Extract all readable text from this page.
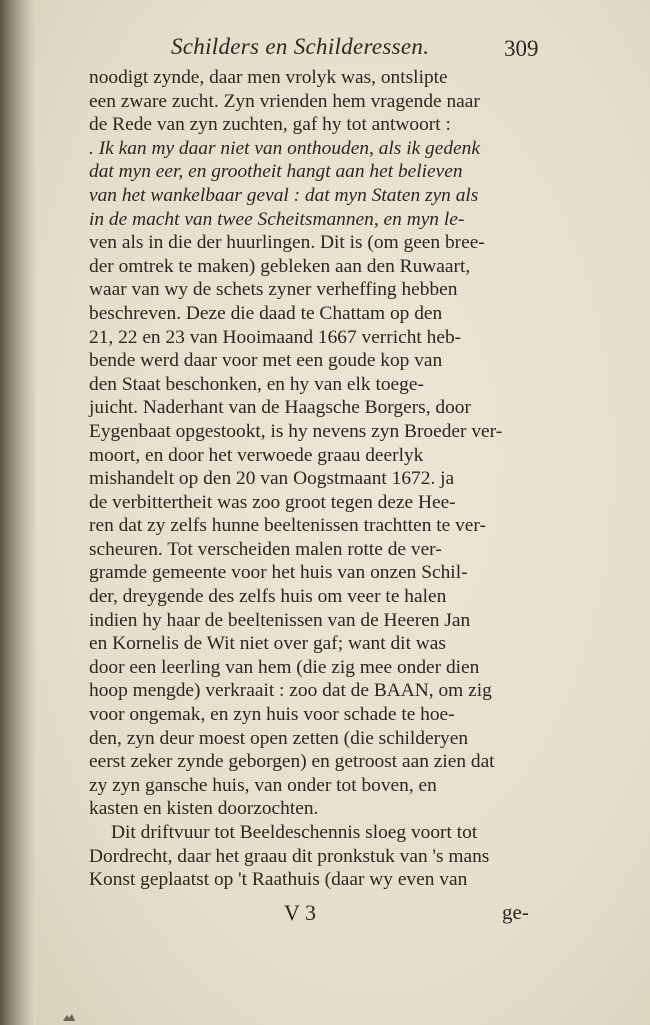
Schilders en Schilderessen.	309
noodigt zynde, daar men vrolyk was, ontslipte
een zware zucht. Zyn vrienden hem vragende naar
de Rede van zyn zuchten, gaf hy tot antwoort :
. Ik kan my daar niet van onthouden, als ik gedenk
dat myn eer, en grootheit hangt aan het believen
van het wankelbaar geval : dat myn Staten zyn als
in de macht van twee Scheitsmannen, en myn le-
ven als in die der huurlingen. Dit is (om geen bree-
der omtrek te maken) gebleken aan den Ruwaart,
waar van wy de schets zyner verheffing hebben
beschreven. Deze die daad te Chattam op den
21, 22 en 23 van Hooimaand 1667 verricht heb-
bende werd daar voor met een goude kop van
den Staat beschonken, en hy van elk toege-
juicht. Naderhant van de Haagsche Borgers, door
Eygenbaat opgestookt, is hy nevens zyn Broeder ver-
moort, en door het verwoede graau deerlyk
mishandelt op den 20 van Oogstmaant 1672. ja
de verbittertheit was zoo groot tegen deze Hee-
ren dat zy zelfs hunne beeltenissen trachtten te ver-
scheuren. Tot verscheiden malen rotte de ver-
gramde gemeente voor het huis van onzen Schil-
der, dreygende des zelfs huis om veer te halen
indien hy haar de beeltenissen van de Heeren Jan
en Kornelis de Wit niet over gaf; want dit was
door een leerling van hem (die zig mee onder dien
hoop mengde) verkraait : zoo dat de BAAN, om zig
voor ongemak, en zyn huis voor schade te hoe-
den, zyn deur moest open zetten (die schilderyen
eerst zeker zynde geborgen) en getroost aan zien dat
zy zyn gansche huis, van onder tot boven, en
kasten en kisten doorzochten.
Dit driftvuur tot Beeldeschennis sloeg voort tot
Dordrecht, daar het graau dit pronkstuk van 's mans
Konst geplaatst op 't Raathuis (daar wy even van
V 3	ge-
